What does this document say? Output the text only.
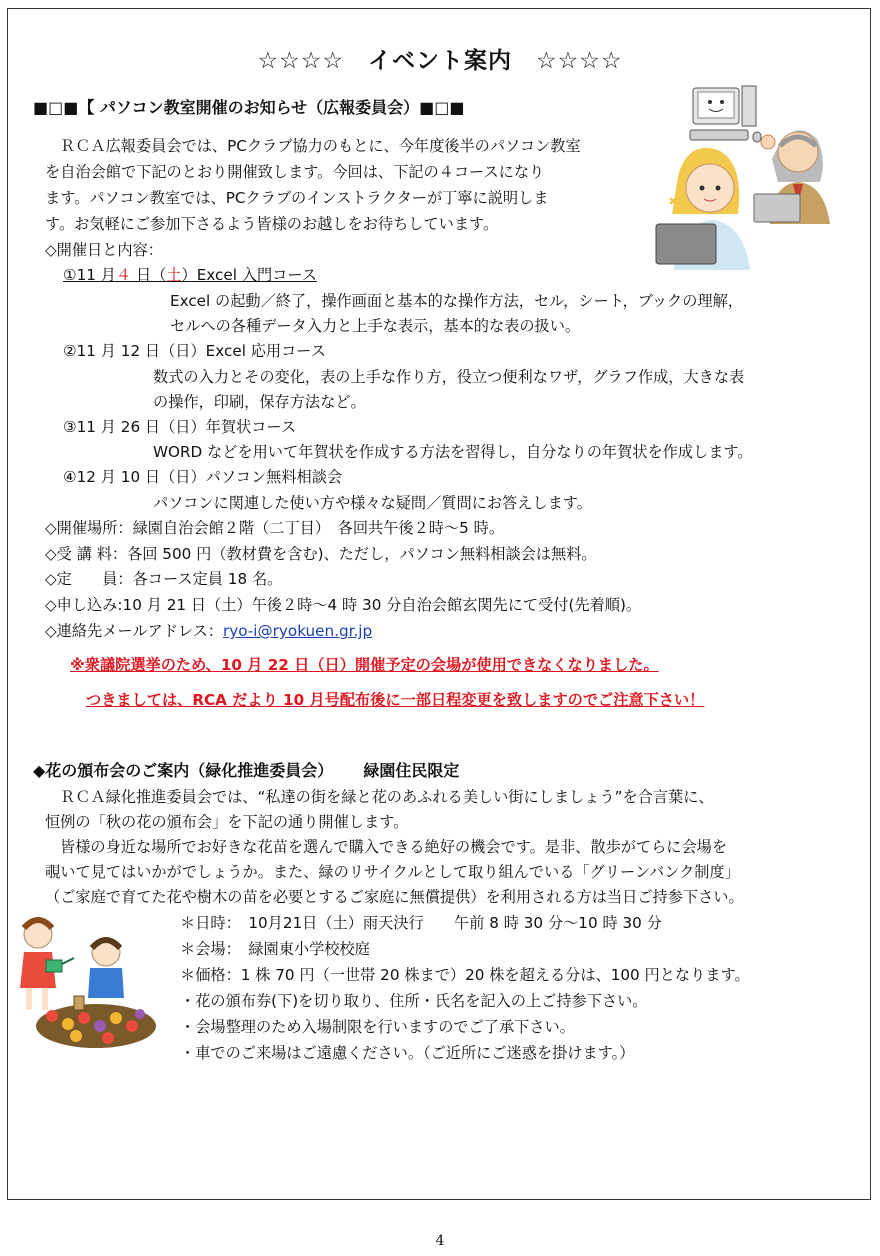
☆☆☆☆　イベント案内　☆☆☆☆
■□■【 パソコン教室開催のお知らせ（広報委員会）■□■
ＲＣＡ広報委員会では、PCクラブ協力のもとに、今年度後半のパソコン教室
を自治会館で下記のとおり開催致します。今回は、下記の４コースになり
ます。パソコン教室では、PCクラブのインストラクターが丁寧に説明しま
す。お気軽にご参加下さるよう皆様のお越しをお待ちしています。
◇開催日と内容：
①11 月４ 日（土）Excel 入門コース
Excel の起動／終了，操作画面と基本的な操作方法，セル，シート，ブックの理解，
セルへの各種データ入力と上手な表示，基本的な表の扱い。
②11 月 12 日（日）Excel 応用コース
数式の入力とその変化，表の上手な作り方，役立つ便利なワザ，グラフ作成，大きな表
の操作，印刷，保存方法など。
③11 月 26 日（日）年賀状コース
WORD などを用いて年賀状を作成する方法を習得し，自分なりの年賀状を作成します。
④12 月 10 日（日）パソコン無料相談会
パソコンに関連した使い方や様々な疑問／質問にお答えします。
◇開催場所：緑園自治会館２階（二丁目）　各回共午後２時～5 時。
◇受 講 料：各回 500 円（教材費を含む)、ただし，パソコン無料相談会は無料。
◇定　　員：各コース定員 18 名。
◇申し込み:10 月 21 日（土）午後２時～4 時 30 分自治会館玄関先にて受付(先着順)。
◇連絡先メールアドレス：ryo-i@ryokuen.gr.jp
※衆議院選挙のため、10 月 22 日（日）開催予定の会場が使用できなくなりました。
つきましては、RCA だより 10 月号配布後に一部日程変更を致しますのでご注意下さい！
◆花の頒布会のご案内（緑化推進委員会） 緑園住民限定
ＲＣＡ緑化推進委員会では、“私達の街を緑と花のあふれる美しい街にしましょう”を合言葉に、
恒例の「秋の花の頒布会」を下記の通り開催します。
皆様の身近な場所でお好きな花苗を選んで購入できる絶好の機会です。是非、散歩がてらに会場を
覗いて見てはいかがでしょうか。また、緑のリサイクルとして取り組んでいる「グリーンバンク制度」
（ご家庭で育てた花や樹木の苗を必要とするご家庭に無償提供）を利用される方は当日ご持参下さい。
＊日時：　10月21日（土）雨天決行　　午前 8 時 30 分～10 時 30 分
＊会場：　緑園東小学校校庭
＊価格：1 株 70 円（一世帯 20 株まで）20 株を超える分は、100 円となります。
・花の頒布券(下)を切り取り、住所・氏名を記入の上ご持参下さい。
・会場整理のため入場制限を行いますのでご了承下さい。
・車でのご来場はご遠慮ください。（ご近所にご迷惑を掛けます。）
4
